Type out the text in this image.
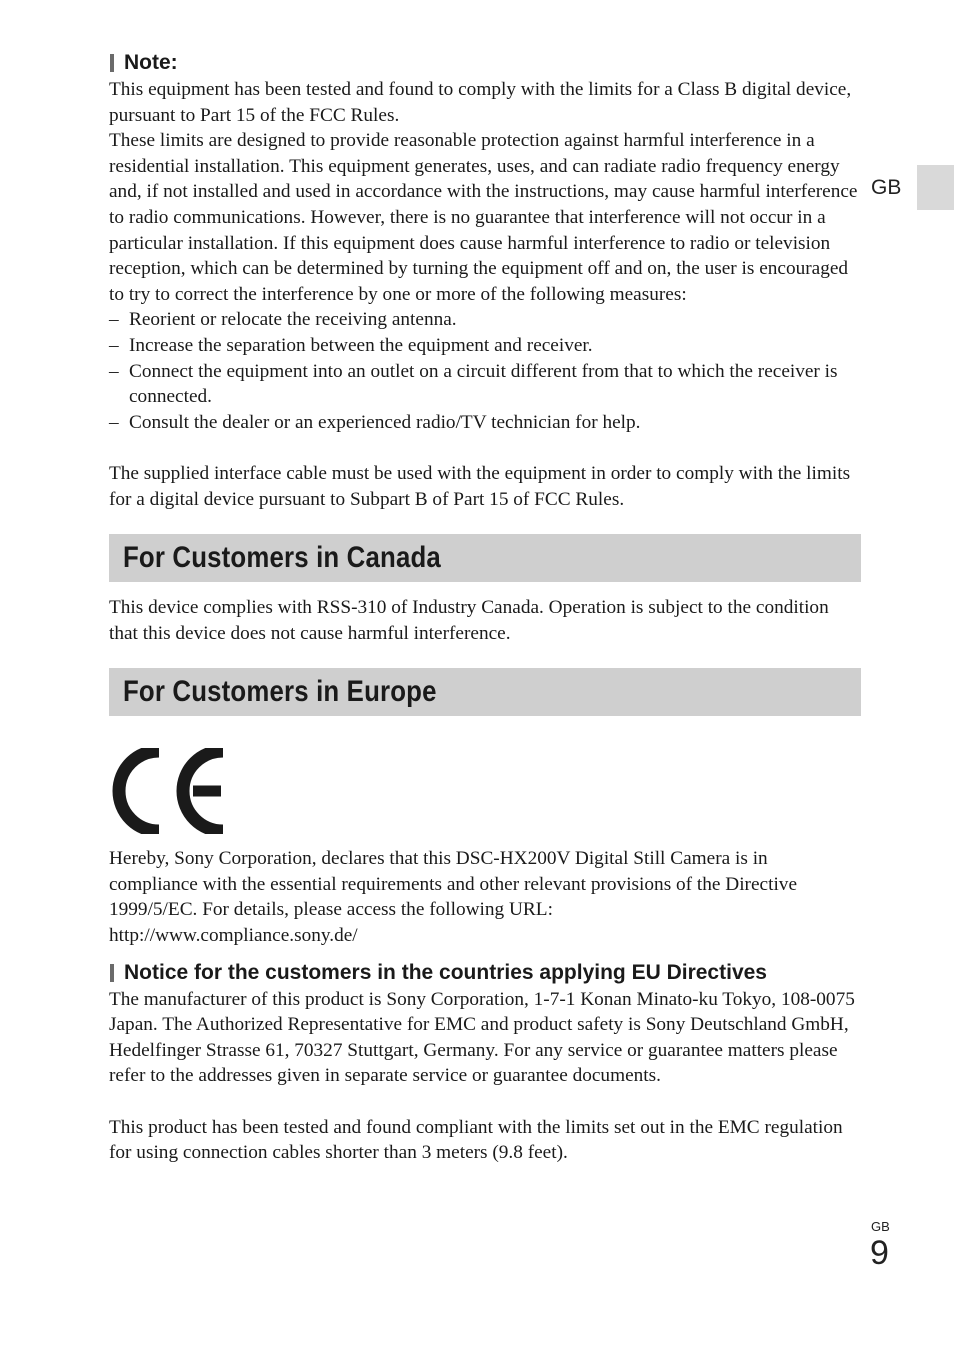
GB
Note:

This equipment has been tested and found to comply with the limits for a Class B digital device, pursuant to Part 15 of the FCC Rules.

These limits are designed to provide reasonable protection against harmful interference in a residential installation. This equipment generates, uses, and can radiate radio frequency energy and, if not installed and used in accordance with the instructions, may cause harmful interference to radio communications. However, there is no guarantee that interference will not occur in a particular installation. If this equipment does cause harmful interference to radio or television reception, which can be determined by turning the equipment off and on, the user is encouraged to try to correct the interference by one or more of the following measures:

– Reorient or relocate the receiving antenna.
– Increase the separation between the equipment and receiver.
– Connect the equipment into an outlet on a circuit different from that to which the receiver is connected.
– Consult the dealer or an experienced radio/TV technician for help.

The supplied interface cable must be used with the equipment in order to comply with the limits for a digital device pursuant to Subpart B of Part 15 of FCC Rules.

For Customers in Canada

This device complies with RSS-310 of Industry Canada. Operation is subject to the condition that this device does not cause harmful interference.

For Customers in Europe

Hereby, Sony Corporation, declares that this DSC-HX200V Digital Still Camera is in compliance with the essential requirements and other relevant provisions of the Directive 1999/5/EC. For details, please access the following URL:

http://www.compliance.sony.de/

Notice for the customers in the countries applying EU Directives

The manufacturer of this product is Sony Corporation, 1-7-1 Konan Minato-ku Tokyo, 108-0075 Japan. The Authorized Representative for EMC and product safety is Sony Deutschland GmbH, Hedelfinger Strasse 61, 70327 Stuttgart, Germany. For any service or guarantee matters please refer to the addresses given in separate service or guarantee documents.

This product has been tested and found compliant with the limits set out in the EMC regulation for using connection cables shorter than 3 meters (9.8 feet).

GB
9
